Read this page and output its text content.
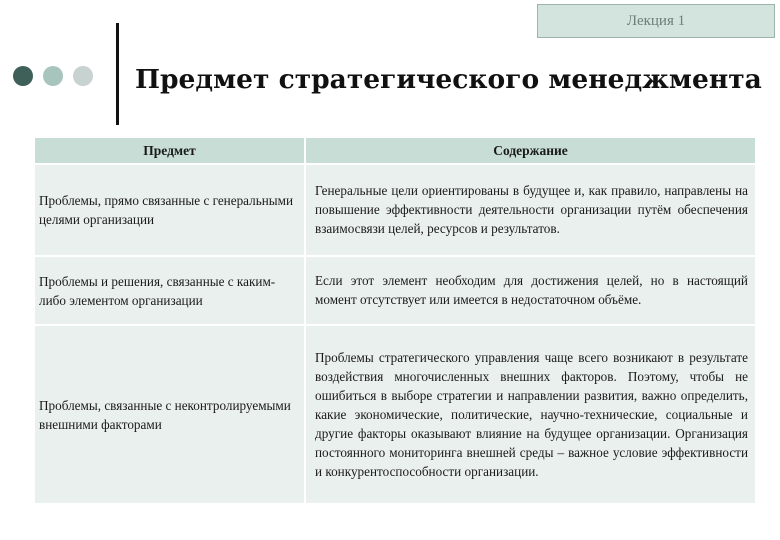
Лекция 1
Предмет стратегического менеджмента
Предмет	Содержание
Проблемы, прямо связанные с генеральными целями организации	Генеральные цели ориентированы в будущее и, как правило, направлены на повышение эффективности деятельности организации путём обеспечения взаимосвязи целей, ресурсов и результатов.
Проблемы и решения, связанные с каким-либо элементом организации	Если этот элемент необходим для достижения целей, но в настоящий момент отсутствует или имеется в недостаточном объёме.
Проблемы, связанные с неконтролируемыми внешними факторами	Проблемы стратегического управления чаще всего возникают в результате воздействия многочисленных внешних факторов. Поэтому, чтобы не ошибиться в выборе стратегии и направлении развития, важно определить, какие экономические, политические, научно-технические, социальные и другие факторы оказывают влияние на будущее организации. Организация постоянного мониторинга внешней среды – важное условие эффективности и конкурентоспособности организации.
